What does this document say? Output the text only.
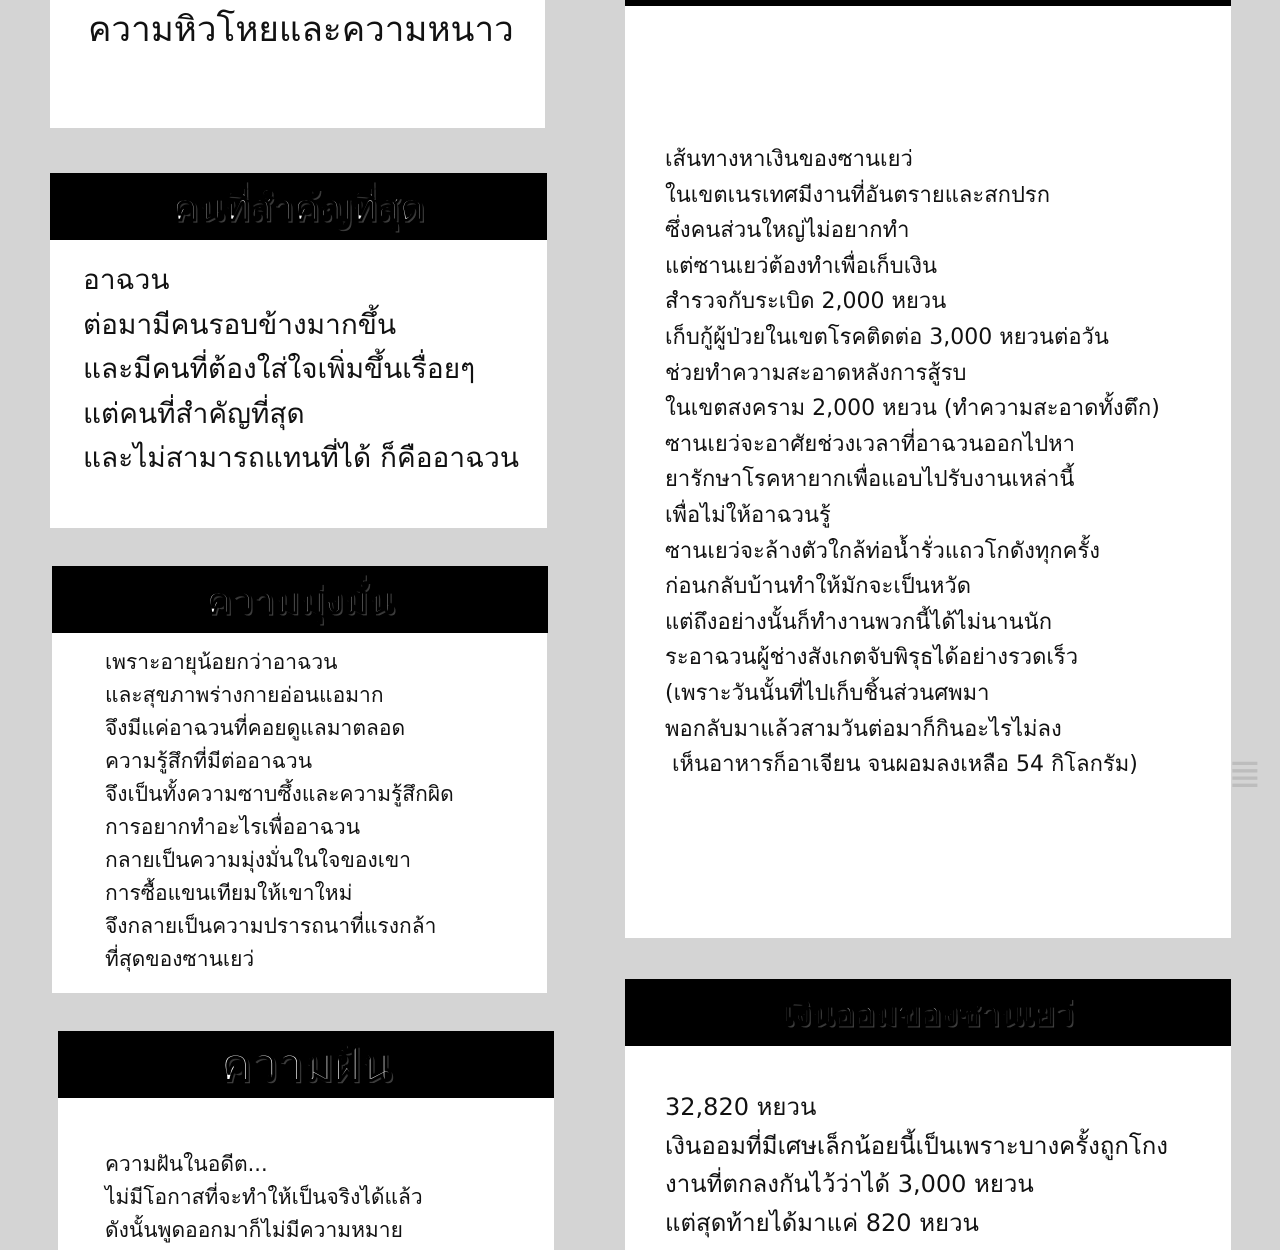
ความหิวโหยและความหนาว
คนที่สำคัญที่สุด
อาฉวน
ต่อมามีคนรอบข้างมากขึ้น
และมีคนที่ต้องใส่ใจเพิ่มขึ้นเรื่อยๆ
แต่คนที่สำคัญที่สุด
และไม่สามารถแทนที่ได้ ก็คืออาฉวน
ความมุ่งมั่น
เพราะอายุน้อยกว่าอาฉวน
และสุขภาพร่างกายอ่อนแอมาก
จึงมีแค่อาฉวนที่คอยดูแลมาตลอด
ความรู้สึกที่มีต่ออาฉวน
จึงเป็นทั้งความซาบซึ้งและความรู้สึกผิด
การอยากทำอะไรเพื่ออาฉวน
กลายเป็นความมุ่งมั่นในใจของเขา
การซื้อแขนเทียมให้เขาใหม่
จึงกลายเป็นความปรารถนาที่แรงกล้า
ที่สุดของซานเยว่
ความฝัน
ความฝันในอดีต...
ไม่มีโอกาสที่จะทำให้เป็นจริงได้แล้ว
ดังนั้นพูดออกมาก็ไม่มีความหมาย
เส้นทางหาเงินของซานเยว่
ในเขตเนรเทศมีงานที่อันตรายและสกปรก
ซึ่งคนส่วนใหญ่ไม่อยากทำ
แต่ซานเยว่ต้องทำเพื่อเก็บเงิน
สำรวจกับระเบิด 2,000 หยวน
เก็บกู้ผู้ป่วยในเขตโรคติดต่อ 3,000 หยวนต่อวัน
ช่วยทำความสะอาดหลังการสู้รบ
ในเขตสงคราม 2,000 หยวน (ทำความสะอาดทั้งตึก)
ซานเยว่จะอาศัยช่วงเวลาที่อาฉวนออกไปหา
ยารักษาโรคหายากเพื่อแอบไปรับงานเหล่านี้
เพื่อไม่ให้อาฉวนรู้
ซานเยว่จะล้างตัวใกล้ท่อน้ำรั่วแถวโกดังทุกครั้ง
ก่อนกลับบ้านทำให้มักจะเป็นหวัด
แต่ถึงอย่างนั้นก็ทำงานพวกนี้ได้ไม่นานนัก
ระอาฉวนผู้ช่างสังเกตจับพิรุธได้อย่างรวดเร็ว
(เพราะวันนั้นที่ไปเก็บชิ้นส่วนศพมา
พอกลับมาแล้วสามวันต่อมาก็กินอะไรไม่ลง
เห็นอาหารก็อาเจียน จนผอมลงเหลือ 54 กิโลกรัม)	≣
เงินออมของซานเยว่
32,820 หยวน
เงินออมที่มีเศษเล็กน้อยนี้เป็นเพราะบางครั้งถูกโกง
งานที่ตกลงกันไว้ว่าได้ 3,000 หยวน
แต่สุดท้ายได้มาแค่ 820 หยวน
